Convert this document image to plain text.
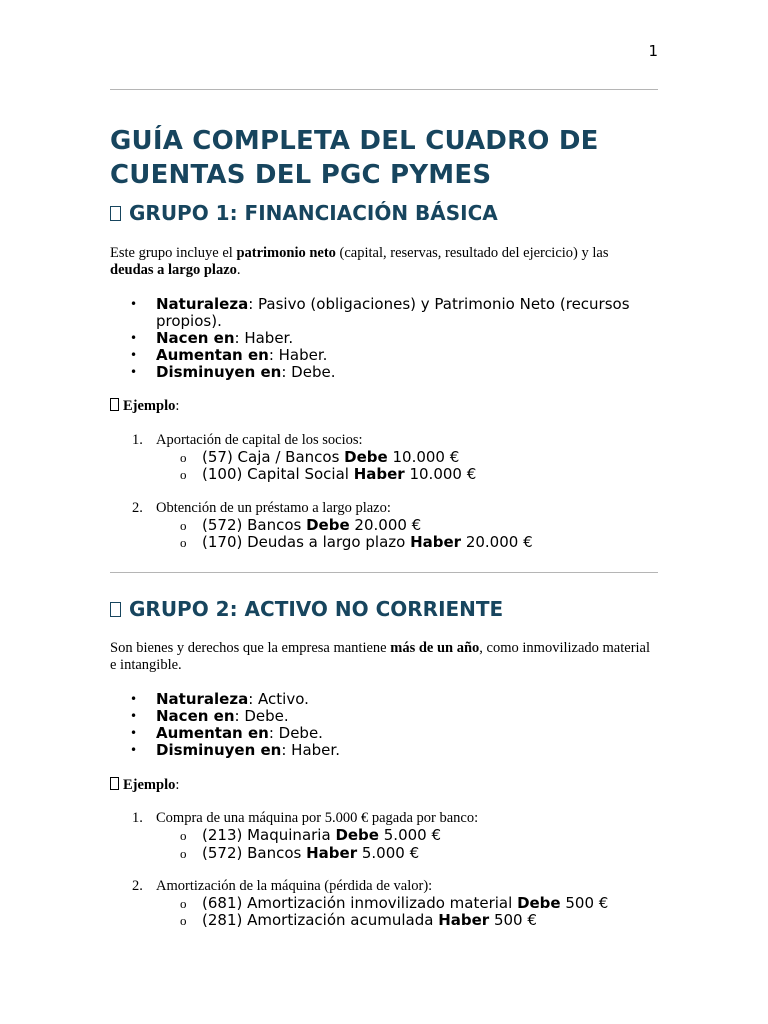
1
GUÍA COMPLETA DEL CUADRO DE CUENTAS DEL PGC PYMES
GRUPO 1: FINANCIACIÓN BÁSICA

Este grupo incluye el patrimonio neto (capital, reservas, resultado del ejercicio) y las deudas a largo plazo.

• Naturaleza: Pasivo (obligaciones) y Patrimonio Neto (recursos propios).
• Nacen en: Haber.
• Aumentan en: Haber.
• Disminuyen en: Debe.
Ejemplo:
1. Aportación de capital de los socios:
o (57) Caja / Bancos Debe 10.000 €
o (100) Capital Social Haber 10.000 €
2. Obtención de un préstamo a largo plazo:
o (572) Bancos Debe 20.000 €
o (170) Deudas a largo plazo Haber 20.000 €
GRUPO 2: ACTIVO NO CORRIENTE

Son bienes y derechos que la empresa mantiene más de un año, como inmovilizado material e intangible.

• Naturaleza: Activo.
• Nacen en: Debe.
• Aumentan en: Debe.
• Disminuyen en: Haber.
Ejemplo:
1. Compra de una máquina por 5.000 € pagada por banco:
o (213) Maquinaria Debe 5.000 €
o (572) Bancos Haber 5.000 €
2. Amortización de la máquina (pérdida de valor):
o (681) Amortización inmovilizado material Debe 500 €
o (281) Amortización acumulada Haber 500 €
